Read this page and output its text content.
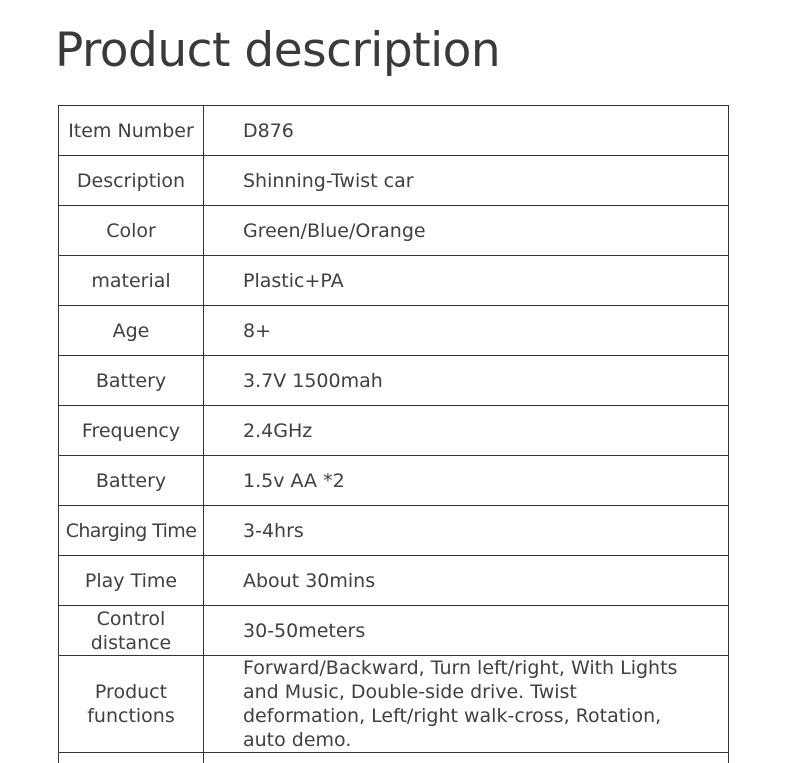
Product description
Item Number	D876
Description	Shinning-Twist car
Color	Green/Blue/Orange
material	Plastic+PA
Age	8+
Battery	3.7V 1500mah
Frequency	2.4GHz
Battery	1.5v AA *2
Charging Time	3-4hrs
Play Time	About 30mins
Control distance	30-50meters
Product functions	Forward/Backward, Turn left/right, With Lights and Music, Double-side drive. Twist deformation, Left/right walk-cross, Rotation, auto demo.
